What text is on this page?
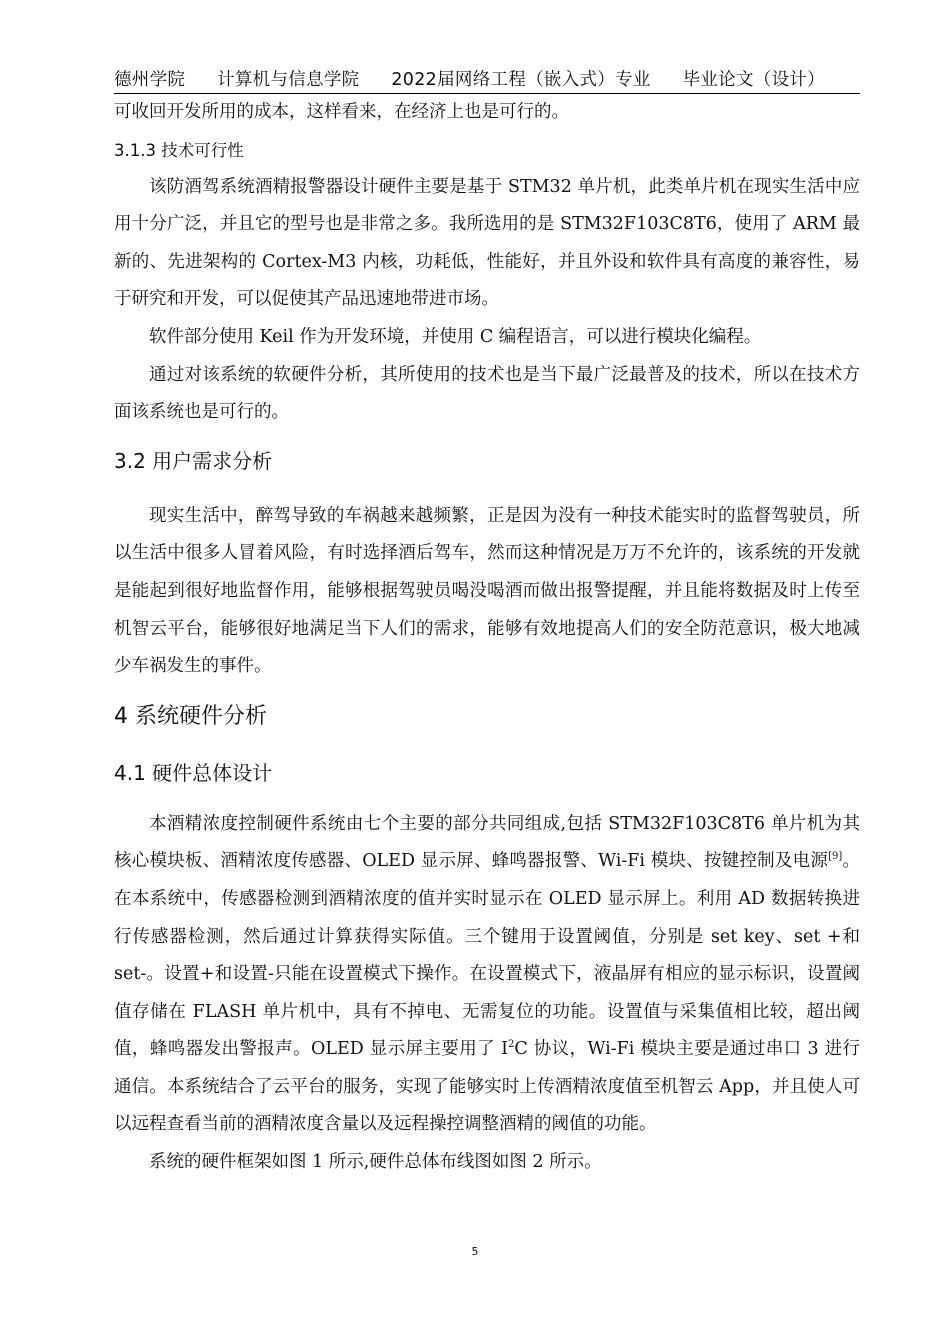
德州学院 计算机与信息学院 2022届网络工程（嵌入式）专业 毕业论文（设计）

可收回开发所用的成本，这样看来，在经济上也是可行的。

3.1.3 技术可行性

该防酒驾系统酒精报警器设计硬件主要是基于 STM32 单片机，此类单片机在现实生活中应用十分广泛，并且它的型号也是非常之多。我所选用的是 STM32F103C8T6，使用了 ARM 最新的、先进架构的 Cortex-M3 内核，功耗低，性能好，并且外设和软件具有高度的兼容性，易于研究和开发，可以促使其产品迅速地带进市场。

软件部分使用 Keil 作为开发环境，并使用 C 编程语言，可以进行模块化编程。

通过对该系统的软硬件分析，其所使用的技术也是当下最广泛最普及的技术，所以在技术方面该系统也是可行的。

3.2 用户需求分析

现实生活中，醉驾导致的车祸越来越频繁，正是因为没有一种技术能实时的监督驾驶员，所以生活中很多人冒着风险，有时选择酒后驾车，然而这种情况是万万不允许的，该系统的开发就是能起到很好地监督作用，能够根据驾驶员喝没喝酒而做出报警提醒，并且能将数据及时上传至机智云平台，能够很好地满足当下人们的需求，能够有效地提高人们的安全防范意识，极大地减少车祸发生的事件。

4 系统硬件分析

4.1 硬件总体设计

本酒精浓度控制硬件系统由七个主要的部分共同组成,包括 STM32F103C8T6 单片机为其核心模块板、酒精浓度传感器、OLED 显示屏、蜂鸣器报警、Wi-Fi 模块、按键控制及电源[9]。在本系统中，传感器检测到酒精浓度的值并实时显示在 OLED 显示屏上。利用 AD 数据转换进行传感器检测，然后通过计算获得实际值。三个键用于设置阈值，分别是 set key、set +和 set-。设置+和设置-只能在设置模式下操作。在设置模式下，液晶屏有相应的显示标识，设置阈值存储在 FLASH 单片机中，具有不掉电、无需复位的功能。设置值与采集值相比较，超出阈值，蜂鸣器发出警报声。OLED 显示屏主要用了 $I^2C$ 协议，Wi-Fi 模块主要是通过串口 3 进行通信。本系统结合了云平台的服务，实现了能够实时上传酒精浓度值至机智云 App，并且使人可以远程查看当前的酒精浓度含量以及远程操控调整酒精的阈值的功能。

系统的硬件框架如图 1 所示,硬件总体布线图如图 2 所示。

5
